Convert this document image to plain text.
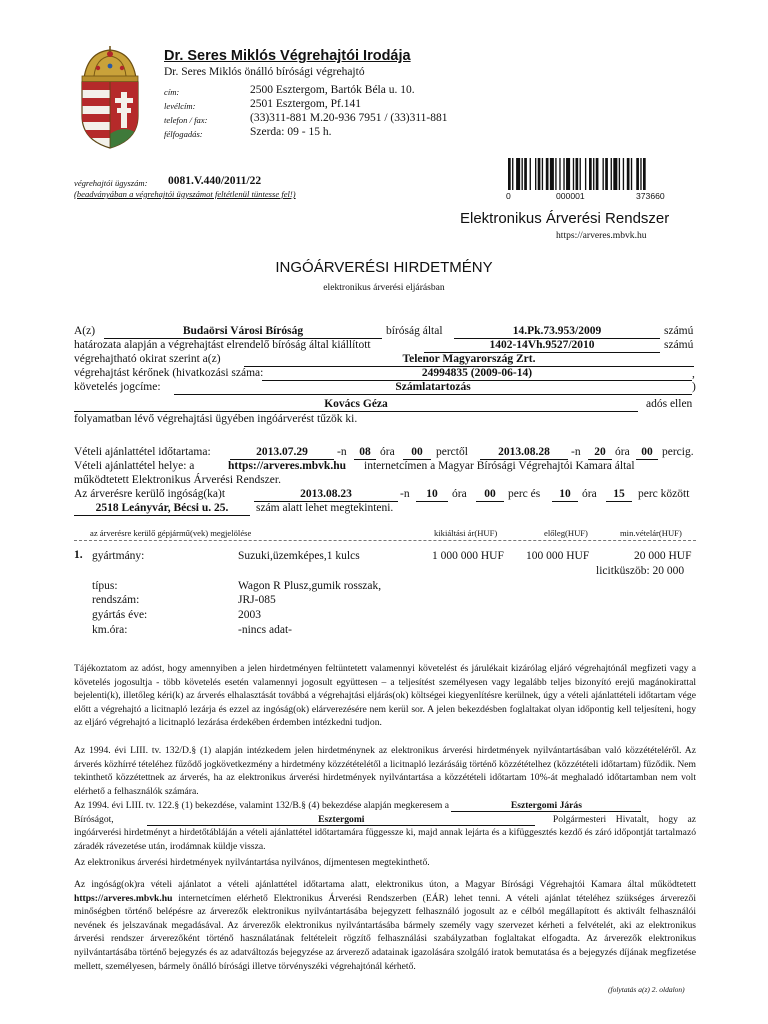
Dr. Seres Miklós Végrehajtói Irodája
Dr. Seres Miklós önálló bírósági végrehajtó
cím:	2500 Esztergom, Bartók Béla u. 10.
levélcím:	2501 Esztergom, Pf.141
telefon / fax:	(33)311-881 M.20-936 7951 / (33)311-881
félfogadás:	Szerda: 09 - 15 h.
végrehajtói ügyszám: 0081.V.440/2011/22
(beadványában a végrehajtói ügyszámot feltétlenül tüntesse fel!)	0	000001	373660
Elektronikus Árverési Rendszer
https://arveres.mbvk.hu
INGÓÁRVERÉSI HIRDETMÉNY
elektronikus árverési eljárásban
A(z)	Budaörsi Városi Bíróság	bíróság által	14.Pk.73.953/2009	számú
határozata alapján a végrehajtást elrendelő bíróság által kiállított	1402-14Vh.9527/2010	számú
végrehajtható okirat szerint a(z)	Telenor Magyarország Zrt.
végrehajtást kérőnek (hivatkozási száma:	24994835 (2009-06-14)	,
követelés jogcíme:	Számlatartozás	)
Kovács Géza	adós ellen
folyamatban lévő végrehajtási ügyében ingóárverést tűzök ki.
Vételi ajánlattétel időtartama:	2013.07.29	-n	08 óra	00	perctől	2013.08.28	-n	20 óra	00 percig.
Vételi ajánlattétel helye: a	https://arveres.mbvk.hu internetcímen a Magyar Bírósági Végrehajtói Kamara által
működtetett Elektronikus Árverési Rendszer.
Az árverésre kerülő ingóság(ka)t	2013.08.23	-n	10	óra	00	perc és	10 óra	15	perc között
2518 Leányvár, Bécsi u. 25.	szám alatt lehet megtekinteni.
az árverésre kerülő gépjármű(vek) megjelölése	kikiáltási ár(HUF)	előleg(HUF)	min.vételár(HUF)
1. gyártmány:	Suzuki,üzemképes,1 kulcs	1 000 000 HUF 100 000 HUF	20 000 HUF
licitküszöb: 20 000
típus:	Wagon R Plusz,gumik rosszak,
rendszám:	JRJ-085
gyártás éve:	2003
km.óra:	-nincs adat-
Tájékoztatom az adóst, hogy amennyiben a jelen hirdetményen feltüntetett valamennyi követelést és járulékait kizárólag eljáró végrehajtónál megfizeti vagy a követelés jogosultja - több követelés esetén valamennyi jogosult együttesen – a teljesítést személyesen vagy legalább teljes bizonyító erejű magánokirattal bejelenti(k), illetőleg kéri(k) az árverés elhalasztását továbbá a végrehajtási eljárás(ok) költségei kiegyenlítésre kerülnek, úgy a vételi ajánlattételi időtartam vége előtt a végrehajtó a licitnapló lezárja és ezzel az ingóság(ok) elárverezésére nem kerül sor. A jelen bekezdésben foglaltakat olyan időpontig kell teljesíteni, hogy az eljáró végrehajtó a licitnapló lezárása érdekében érdemben intézkedni tudjon.
Az 1994. évi LIII. tv. 132/D.§ (1) alapján intézkedem jelen hirdetménynek az elektronikus árverési hirdetmények nyilvántartásában való közzétételéről. Az árverés közhírré tételéhez fűződő jogkövetkezmény a hirdetmény közzétételétől a licitnapló lezárásáig történő közzétételhez (közzétételi időtartam) fűződik. Nem tekinthető közzétettnek az árverés, ha az elektronikus árverési hirdetmények nyilvántartása a közzétételi időtartam 10%-át meghaladó időtartamban nem volt elérhető a felhasználók számára.
Az 1994. évi LIII. tv. 122.§ (1) bekezdése, valamint 132/B.§ (4) bekezdése alapján megkeresem a	Esztergomi Járás
Bíróságot,	Esztergomi	Polgármesteri Hivatalt, hogy az ingóárverési hirdetményt a hirdetőtábláján a vételi ajánlattétel időtartamára függessze ki, majd annak lejárta és a kifüggesztés kezdő és záró időpontját tartalmazó záradék rávezetése után, irodámnak küldje vissza.
Az elektronikus árverési hirdetmények nyilvántartása nyilvános, díjmentesen megtekinthető.
Az ingóság(ok)ra vételi ajánlatot a vételi ajánlattétel időtartama alatt, elektronikus úton, a Magyar Bírósági Végrehajtói Kamara által működtetett https://arveres.mbvk.hu internetcímen elérhető Elektronikus Árverési Rendszerben (EÁR) lehet tenni. A vételi ajánlat tételéhez szükséges árverezői minőségben történő belépésre az árverezők elektronikus nyilvántartásába bejegyzett felhasználó jogosult az e célból megállapított és aktivált felhasználói nevének és jelszavának megadásával. Az árverezők elektronikus nyilvántartásába bármely személy vagy szervezet kérheti a felvételét, aki az elektronikus árverési rendszer árverezőként történő használatának feltételeit rögzítő felhasználási szabályzatban foglaltakat elfogadta. Az árverezők elektronikus nyilvántartásába történő bejegyzés és az adatváltozás bejegyzése az árverező adatainak igazolására szolgáló iratok bemutatása és a bejegyzés díjának megfizetése mellett, személyesen, bármely önálló bírósági illetve törvényszéki végrehajtónál kérhető.
(folytatás a(z) 2. oldalon)
